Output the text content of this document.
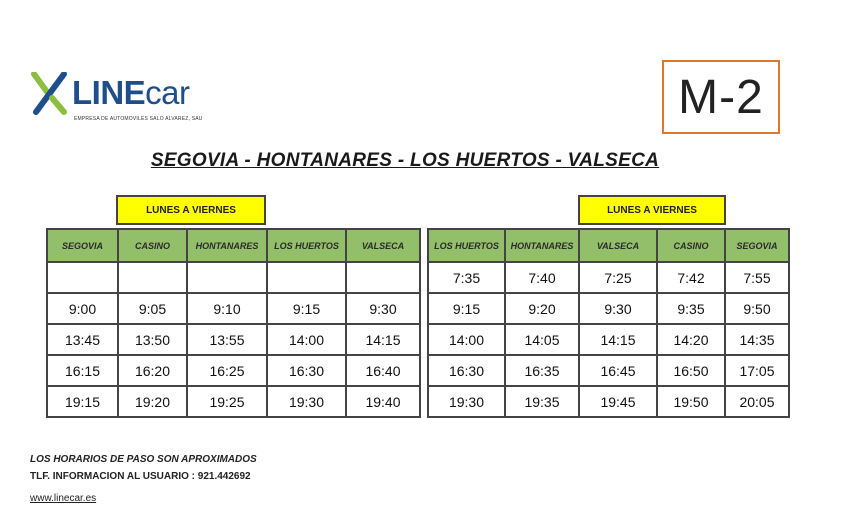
LINEcar
EMPRESA DE AUTOMOVILES SALO ALVAREZ, SAU	M-2
SEGOVIA - HONTANARES - LOS HUERTOS - VALSECA
LUNES A VIERNES	LUNES A VIERNES
SEGOVIA	CASINO	HONTANARES	LOS HUERTOS	VALSECA

9:00	9:05	9:10	9:15	9:30
13:45	13:50	13:55	14:00	14:15
16:15	16:20	16:25	16:30	16:40
19:15	19:20	19:25	19:30	19:40
LOS HUERTOS	HONTANARES	VALSECA	CASINO	SEGOVIA
7:35	7:40	7:25	7:42	7:55
9:15	9:20	9:30	9:35	9:50
14:00	14:05	14:15	14:20	14:35
16:30	16:35	16:45	16:50	17:05
19:30	19:35	19:45	19:50	20:05
LOS HORARIOS DE PASO SON APROXIMADOS
TLF. INFORMACION AL USUARIO : 921.442692
www.linecar.es
